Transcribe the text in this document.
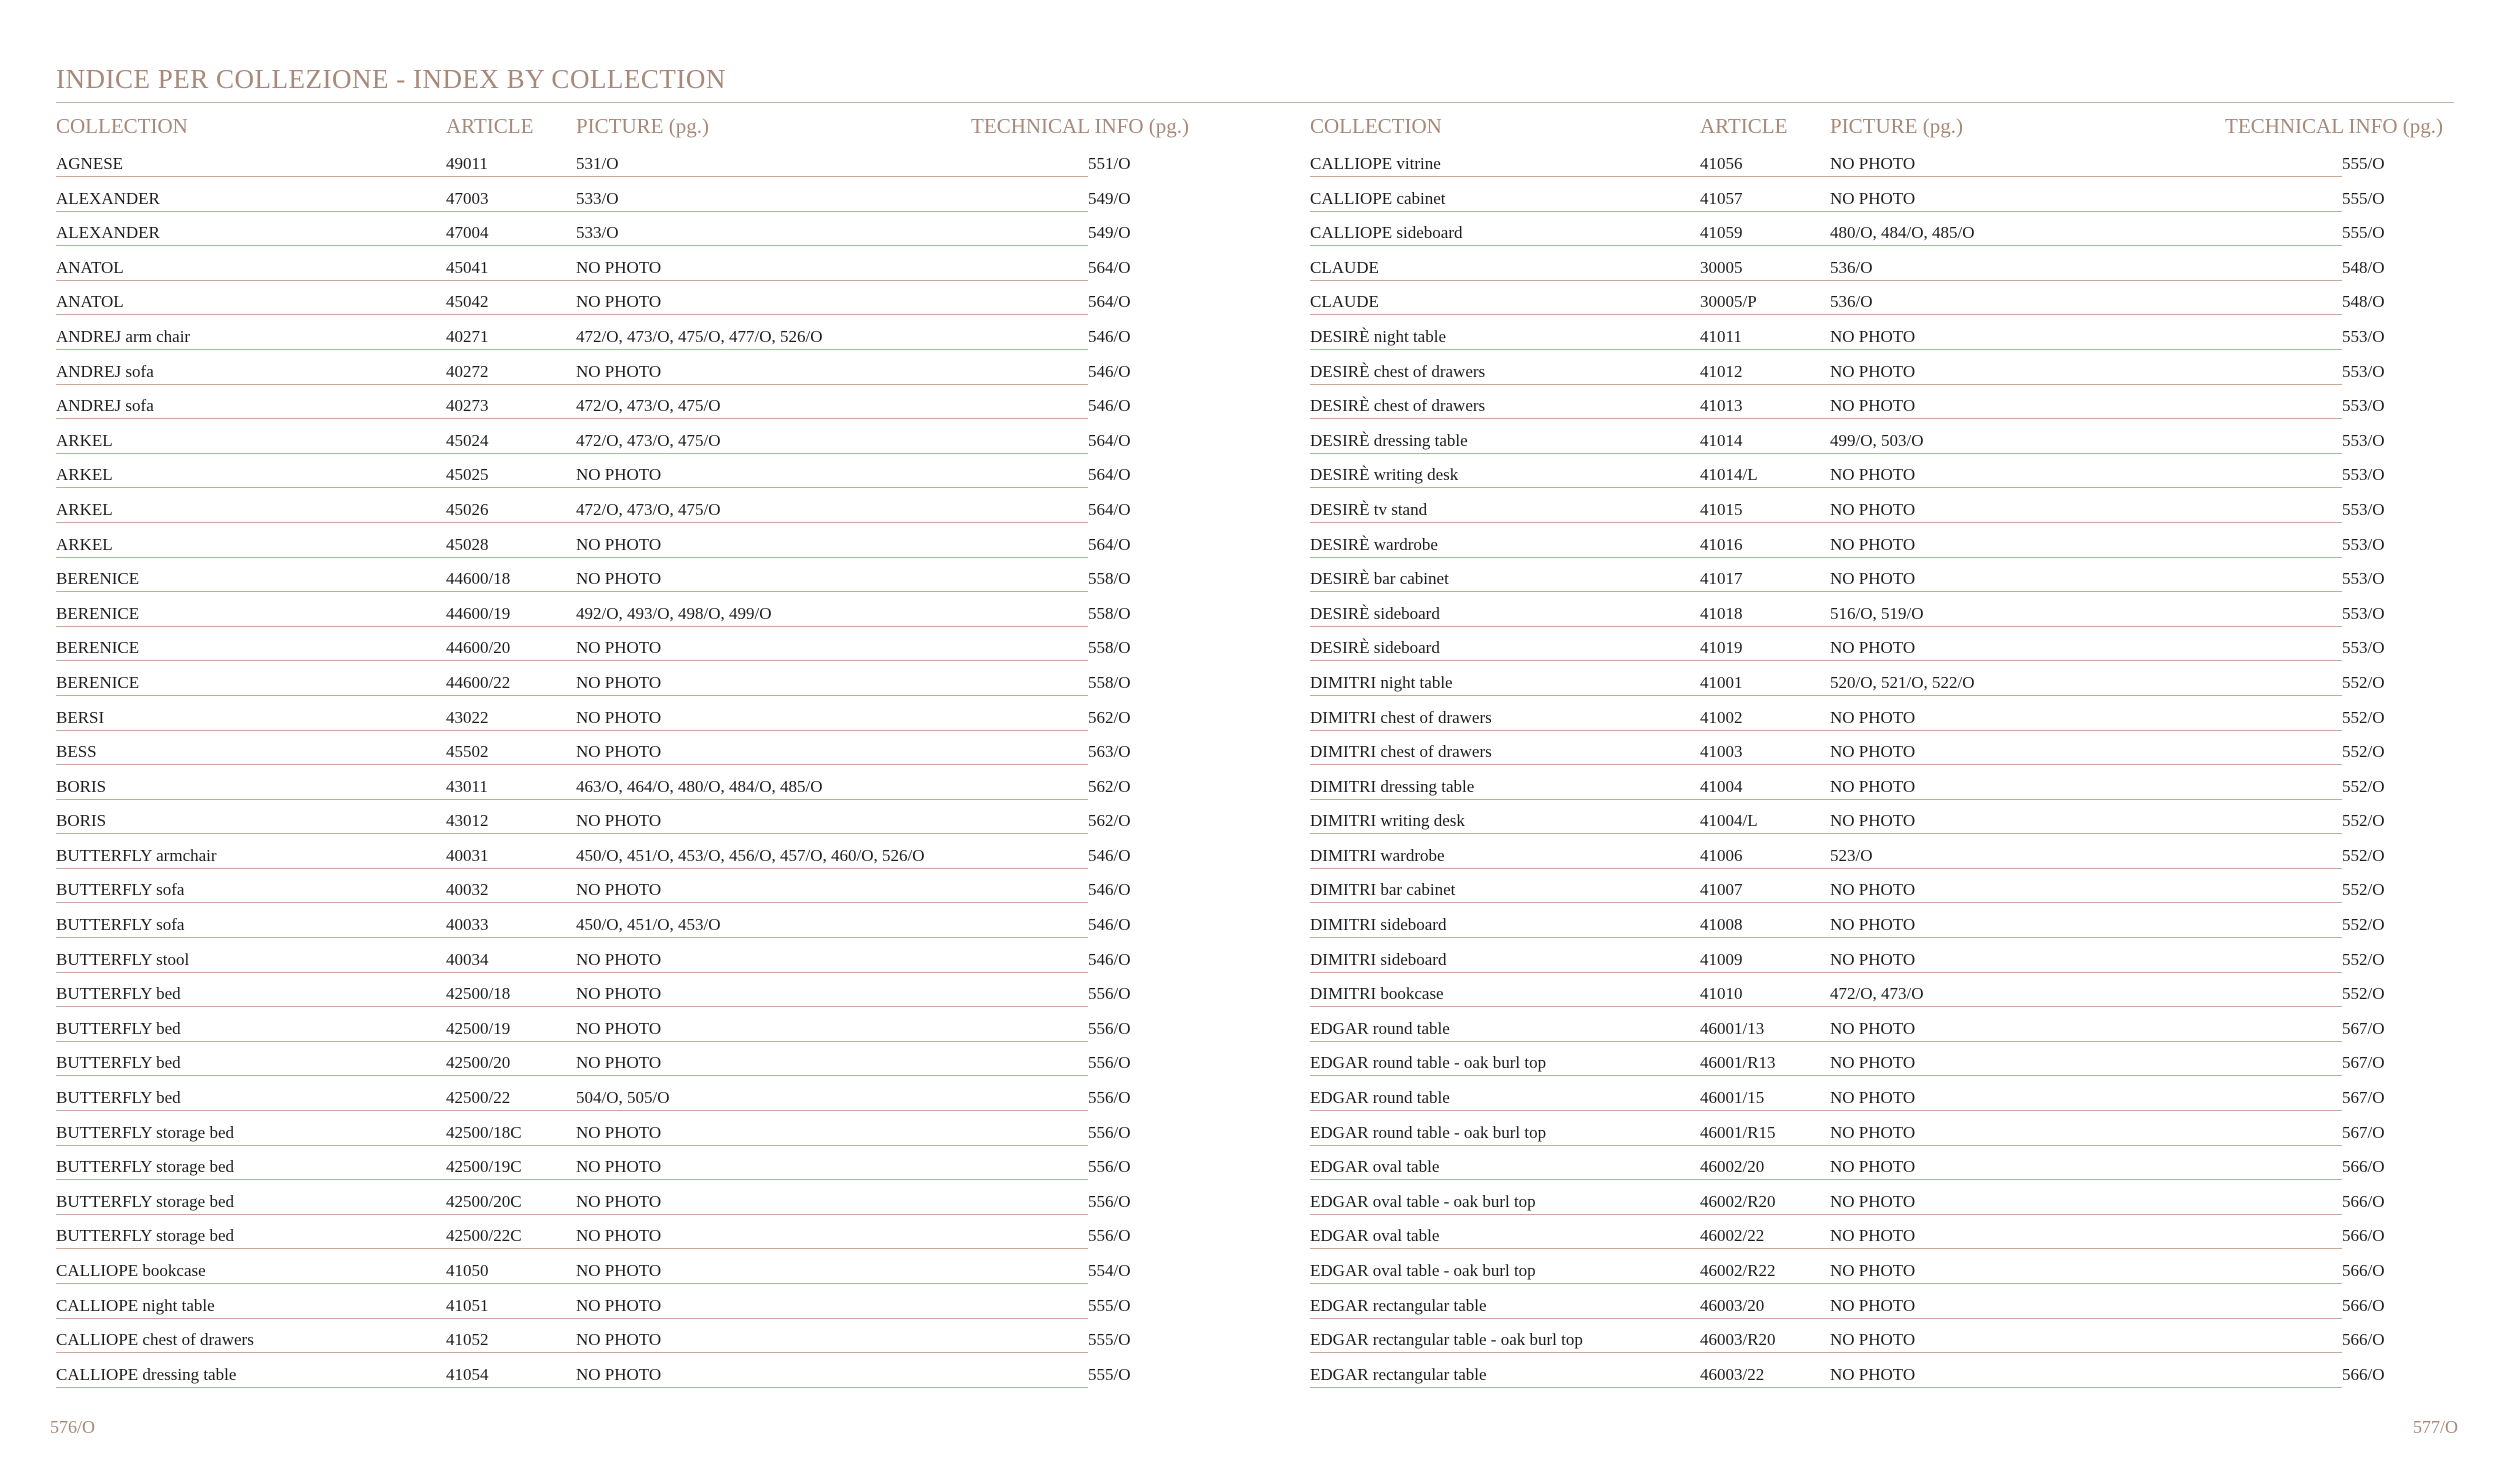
INDICE PER COLLEZIONE - INDEX BY COLLECTION
COLLECTION	ARTICLE PICTURE (pg.)	TECHNICAL INFO (pg.)
AGNESE	49011	531/O	551/O
ALEXANDER	47003	533/O	549/O
ALEXANDER	47004	533/O	549/O
ANATOL	45041	NO PHOTO	564/O
ANATOL	45042	NO PHOTO	564/O
ANDREJ arm chair	40271	472/O, 473/O, 475/O, 477/O, 526/O	546/O
ANDREJ sofa	40272	NO PHOTO	546/O
ANDREJ sofa	40273	472/O, 473/O, 475/O	546/O
ARKEL	45024	472/O, 473/O, 475/O	564/O
ARKEL	45025	NO PHOTO	564/O
ARKEL	45026	472/O, 473/O, 475/O	564/O
ARKEL	45028	NO PHOTO	564/O
BERENICE	44600/18	NO PHOTO	558/O
BERENICE	44600/19	492/O, 493/O, 498/O, 499/O	558/O
BERENICE	44600/20	NO PHOTO	558/O
BERENICE	44600/22	NO PHOTO	558/O
BERSI	43022	NO PHOTO	562/O
BESS	45502	NO PHOTO	563/O
BORIS	43011	463/O, 464/O, 480/O, 484/O, 485/O	562/O
BORIS	43012	NO PHOTO	562/O
BUTTERFLY armchair	40031	450/O, 451/O, 453/O, 456/O, 457/O, 460/O, 526/O	546/O
BUTTERFLY sofa	40032	NO PHOTO	546/O
BUTTERFLY sofa	40033	450/O, 451/O, 453/O	546/O
BUTTERFLY stool	40034	NO PHOTO	546/O
BUTTERFLY bed	42500/18	NO PHOTO	556/O
BUTTERFLY bed	42500/19	NO PHOTO	556/O
BUTTERFLY bed	42500/20	NO PHOTO	556/O
BUTTERFLY bed	42500/22	504/O, 505/O	556/O
BUTTERFLY storage bed	42500/18C	NO PHOTO	556/O
BUTTERFLY storage bed	42500/19C	NO PHOTO	556/O
BUTTERFLY storage bed	42500/20C	NO PHOTO	556/O
BUTTERFLY storage bed	42500/22C	NO PHOTO	556/O
CALLIOPE bookcase	41050	NO PHOTO	554/O
CALLIOPE night table	41051	NO PHOTO	555/O
CALLIOPE chest of drawers	41052	NO PHOTO	555/O
CALLIOPE dressing table	41054	NO PHOTO	555/O
COLLECTION	ARTICLE PICTURE (pg.)	TECHNICAL INFO (pg.)
CALLIOPE vitrine	41056	NO PHOTO	555/O
CALLIOPE cabinet	41057	NO PHOTO	555/O
CALLIOPE sideboard	41059	480/O, 484/O, 485/O	555/O
CLAUDE	30005	536/O	548/O
CLAUDE	30005/P	536/O	548/O
DESIRÈ night table	41011	NO PHOTO	553/O
DESIRÈ chest of drawers	41012	NO PHOTO	553/O
DESIRÈ chest of drawers	41013	NO PHOTO	553/O
DESIRÈ dressing table	41014	499/O, 503/O	553/O
DESIRÈ writing desk	41014/L	NO PHOTO	553/O
DESIRÈ tv stand	41015	NO PHOTO	553/O
DESIRÈ wardrobe	41016	NO PHOTO	553/O
DESIRÈ bar cabinet	41017	NO PHOTO	553/O
DESIRÈ sideboard	41018	516/O, 519/O	553/O
DESIRÈ sideboard	41019	NO PHOTO	553/O
DIMITRI night table	41001	520/O, 521/O, 522/O	552/O
DIMITRI chest of drawers	41002	NO PHOTO	552/O
DIMITRI chest of drawers	41003	NO PHOTO	552/O
DIMITRI dressing table	41004	NO PHOTO	552/O
DIMITRI writing desk	41004/L	NO PHOTO	552/O
DIMITRI wardrobe	41006	523/O	552/O
DIMITRI bar cabinet	41007	NO PHOTO	552/O
DIMITRI sideboard	41008	NO PHOTO	552/O
DIMITRI sideboard	41009	NO PHOTO	552/O
DIMITRI bookcase	41010	472/O, 473/O	552/O
EDGAR round table	46001/13	NO PHOTO	567/O
EDGAR round table - oak burl top	46001/R13	NO PHOTO	567/O
EDGAR round table	46001/15	NO PHOTO	567/O
EDGAR round table - oak burl top	46001/R15	NO PHOTO	567/O
EDGAR oval table	46002/20	NO PHOTO	566/O
EDGAR oval table - oak burl top	46002/R20	NO PHOTO	566/O
EDGAR oval table	46002/22	NO PHOTO	566/O
EDGAR oval table - oak burl top	46002/R22	NO PHOTO	566/O
EDGAR rectangular table	46003/20	NO PHOTO	566/O
EDGAR rectangular table - oak burl top	46003/R20	NO PHOTO	566/O
EDGAR rectangular table	46003/22	NO PHOTO	566/O
576/O	577/O
